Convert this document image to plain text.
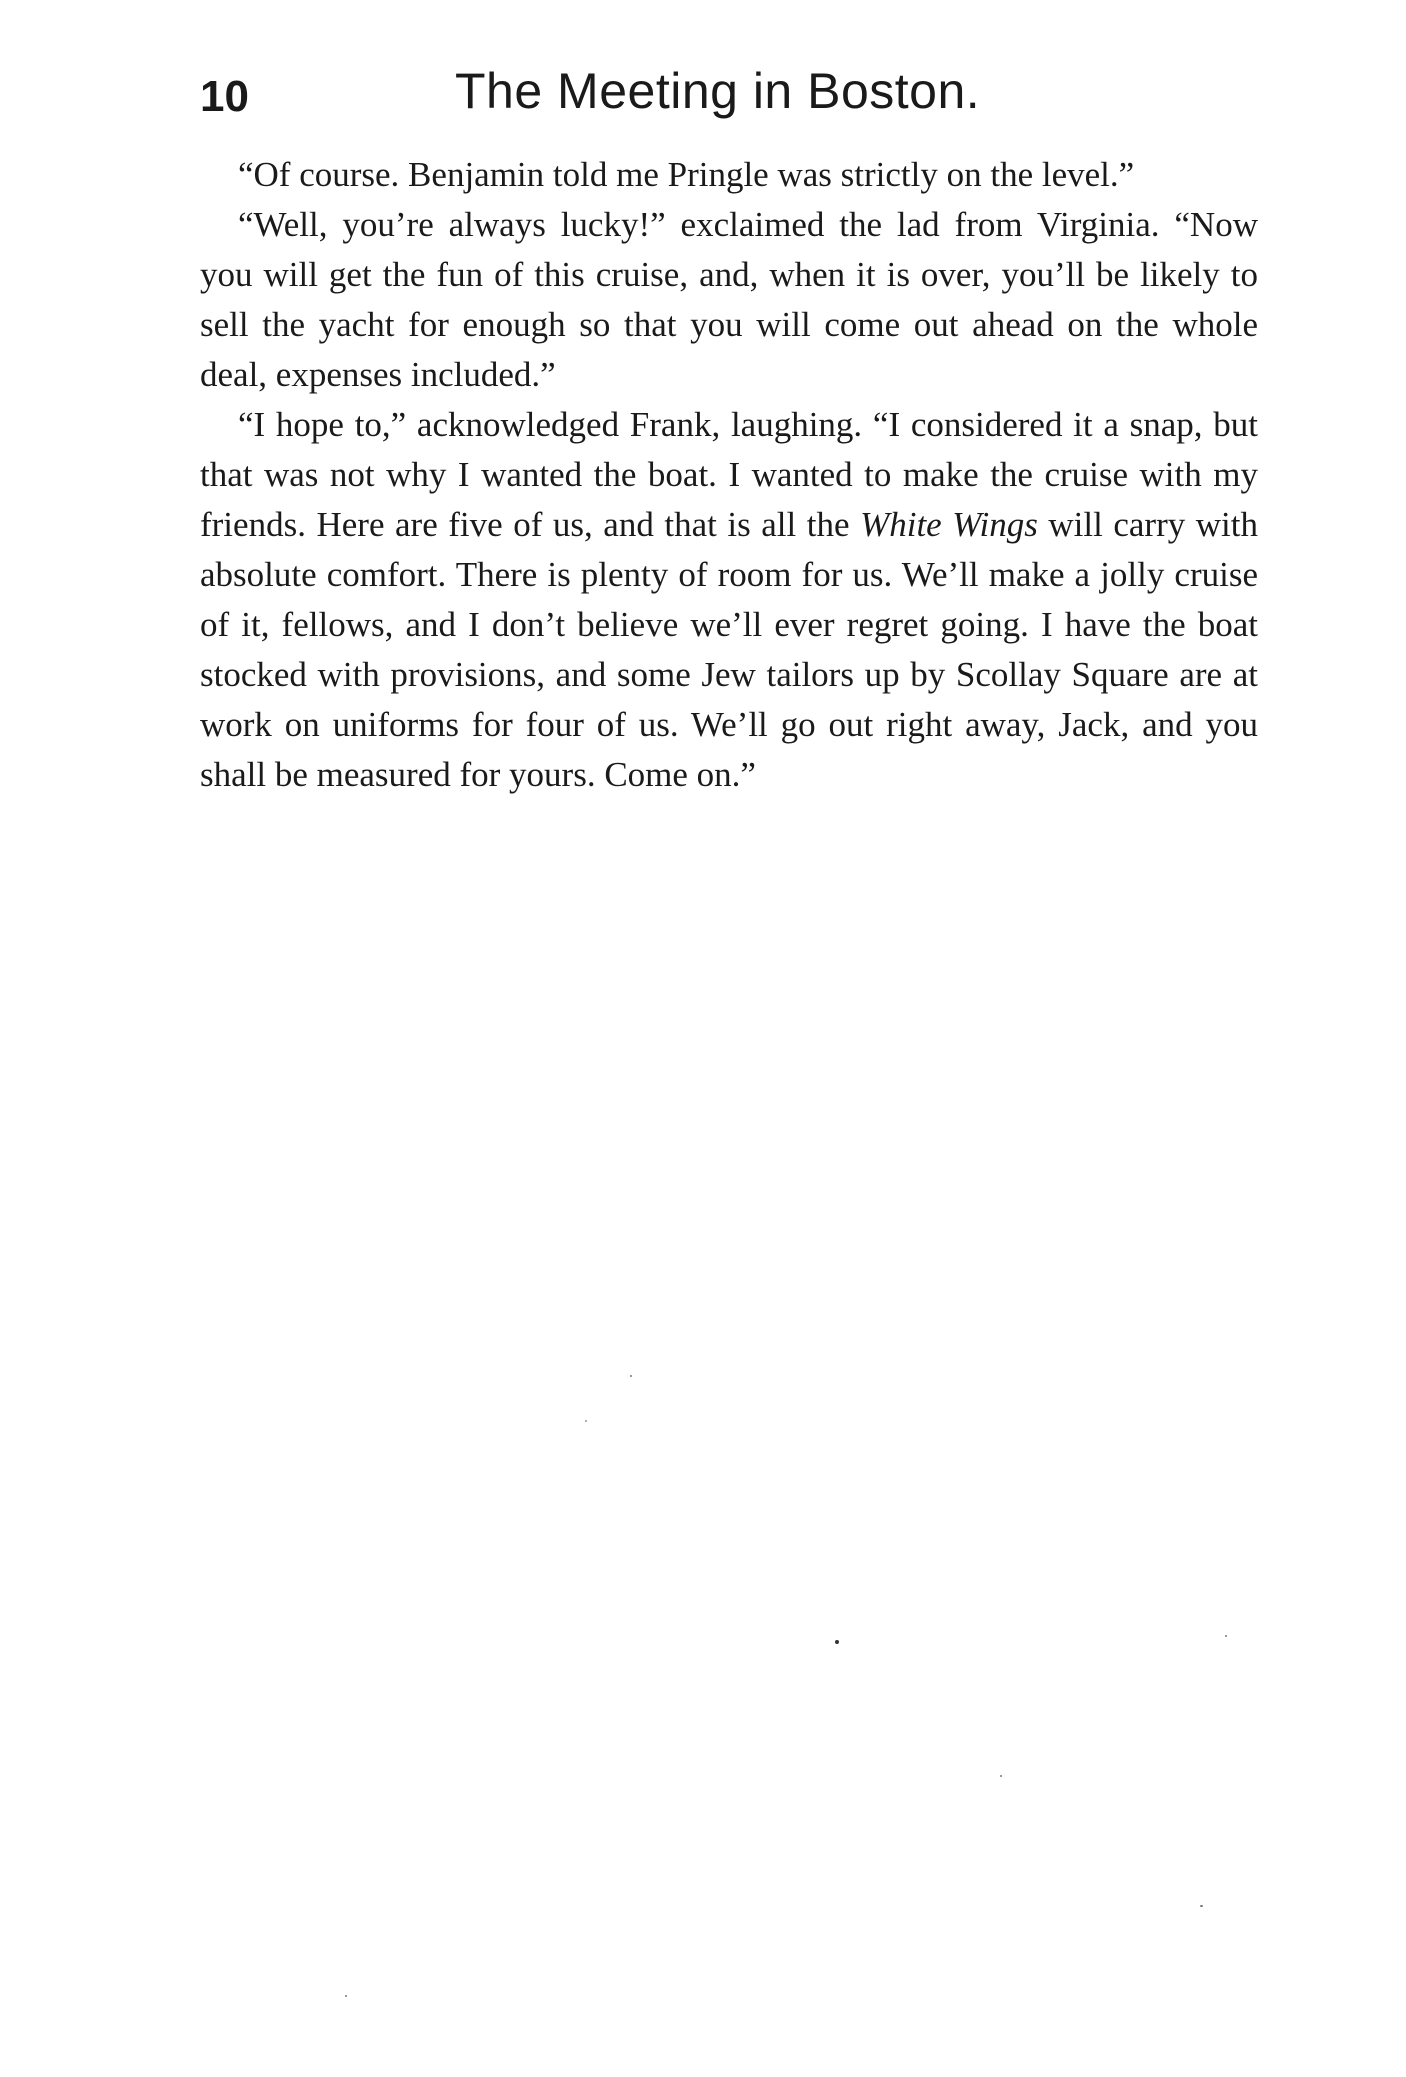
10	The Meeting in Boston.

“Of course. Benjamin told me Pringle was strictly on the level.”

“Well, you’re always lucky!” exclaimed the lad from Virginia. “Now you will get the fun of this cruise, and, when it is over, you’ll be likely to sell the yacht for enough so that you will come out ahead on the whole deal, expenses included.”

“I hope to,” acknowledged Frank, laughing. “I considered it a snap, but that was not why I wanted the boat. I wanted to make the cruise with my friends. Here are five of us, and that is all the White Wings will carry with absolute comfort. There is plenty of room for us. We’ll make a jolly cruise of it, fellows, and I don’t believe we’ll ever regret going. I have the boat stocked with provisions, and some Jew tailors up by Scollay Square are at work on uniforms for four of us. We’ll go out right away, Jack, and you shall be measured for yours. Come on.”
